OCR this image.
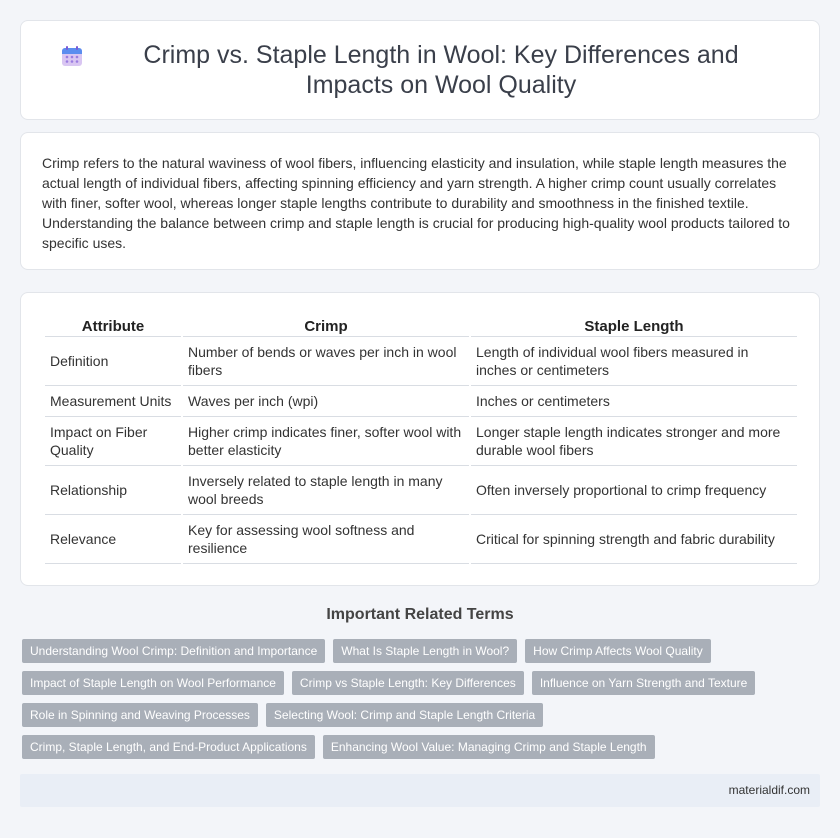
Crimp vs. Staple Length in Wool: Key Differences and Impacts on Wool Quality

Crimp refers to the natural waviness of wool fibers, influencing elasticity and insulation, while staple length measures the actual length of individual fibers, affecting spinning efficiency and yarn strength. A higher crimp count usually correlates with finer, softer wool, whereas longer staple lengths contribute to durability and smoothness in the finished textile. Understanding the balance between crimp and staple length is crucial for producing high-quality wool products tailored to specific uses.

Attribute	Crimp	Staple Length
Definition	Number of bends or waves per inch in wool fibers	Length of individual wool fibers measured in inches or centimeters
Measurement Units	Waves per inch (wpi)	Inches or centimeters
Impact on Fiber Quality	Higher crimp indicates finer, softer wool with better elasticity	Longer staple length indicates stronger and more durable wool fibers
Relationship	Inversely related to staple length in many wool breeds	Often inversely proportional to crimp frequency
Relevance	Key for assessing wool softness and resilience	Critical for spinning strength and fabric durability
Important Related Terms
Understanding Wool Crimp: Definition and Importance	What Is Staple Length in Wool?	How Crimp Affects Wool Quality
Impact of Staple Length on Wool Performance	Crimp vs Staple Length: Key Differences	Influence on Yarn Strength and Texture
Role in Spinning and Weaving Processes	Selecting Wool: Crimp and Staple Length Criteria
Crimp, Staple Length, and End-Product Applications	Enhancing Wool Value: Managing Crimp and Staple Length
materialdif.com
